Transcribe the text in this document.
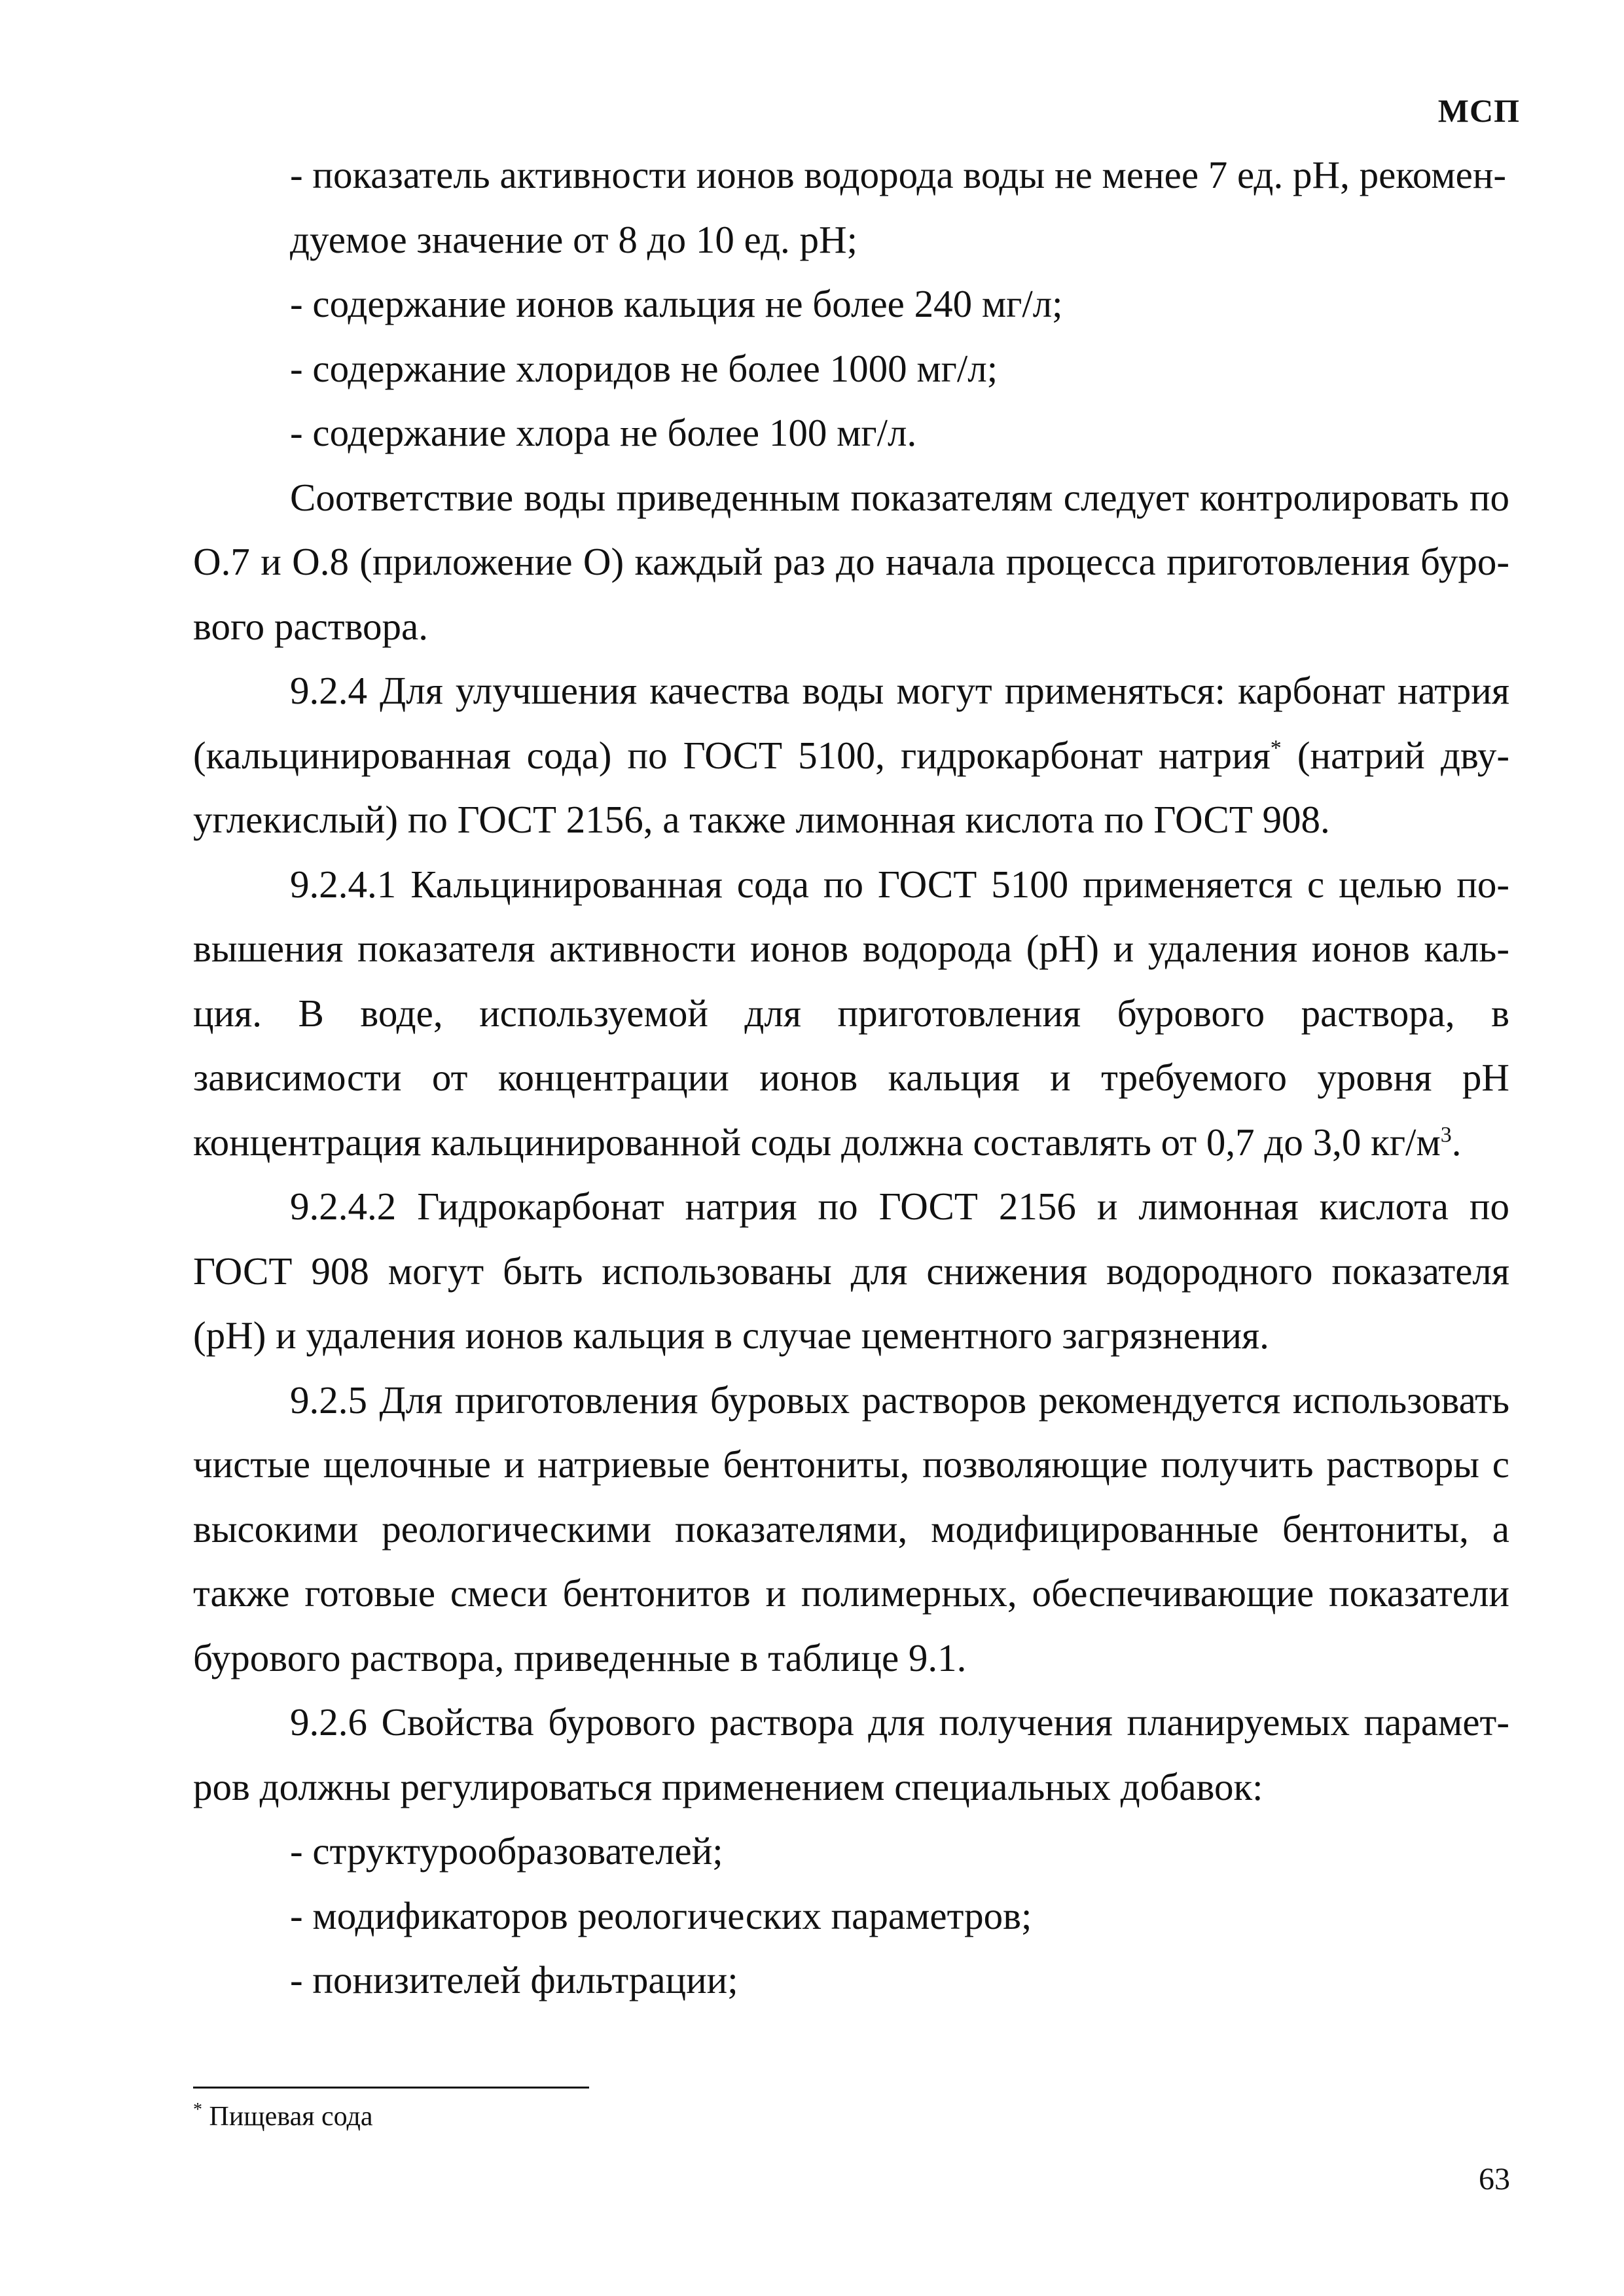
МСП

- показатель активности ионов водорода воды не менее 7 ед. pH, рекомендуемое значение от 8 до 10 ед. pH;

- содержание ионов кальция не более 240 мг/л;

- содержание хлоридов не более 1000 мг/л;

- содержание хлора не более 100 мг/л.

Соответствие воды приведенным показателям следует контролировать по О.7 и О.8 (приложение О) каждый раз до начала процесса приготовления бурового раствора.

9.2.4 Для улучшения качества воды могут применяться: карбонат натрия (кальцинированная сода) по ГОСТ 5100, гидрокарбонат натрия* (натрий двууглекислый) по ГОСТ 2156, а также лимонная кислота по ГОСТ 908.

9.2.4.1 Кальцинированная сода по ГОСТ 5100 применяется с целью повышения показателя активности ионов водорода (pH) и удаления ионов кальция. В воде, используемой для приготовления бурового раствора, в зависимости от концентрации ионов кальция и требуемого уровня pH концентрация кальцинированной соды должна составлять от 0,7 до 3,0 $кг/м^3$.

9.2.4.2 Гидрокарбонат натрия по ГОСТ 2156 и лимонная кислота по ГОСТ 908 могут быть использованы для снижения водородного показателя (pH) и удаления ионов кальция в случае цементного загрязнения.

9.2.5 Для приготовления буровых растворов рекомендуется использовать чистые щелочные и натриевые бентониты, позволяющие получить растворы с высокими реологическими показателями, модифицированные бентониты, а также готовые смеси бентонитов и полимерных, обеспечивающие показатели бурового раствора, приведенные в таблице 9.1.

9.2.6 Свойства бурового раствора для получения планируемых параметров должны регулироваться применением специальных добавок:

- структурообразователей;

- модификаторов реологических параметров;

- понизителей фильтрации;

* Пищевая сода
63
